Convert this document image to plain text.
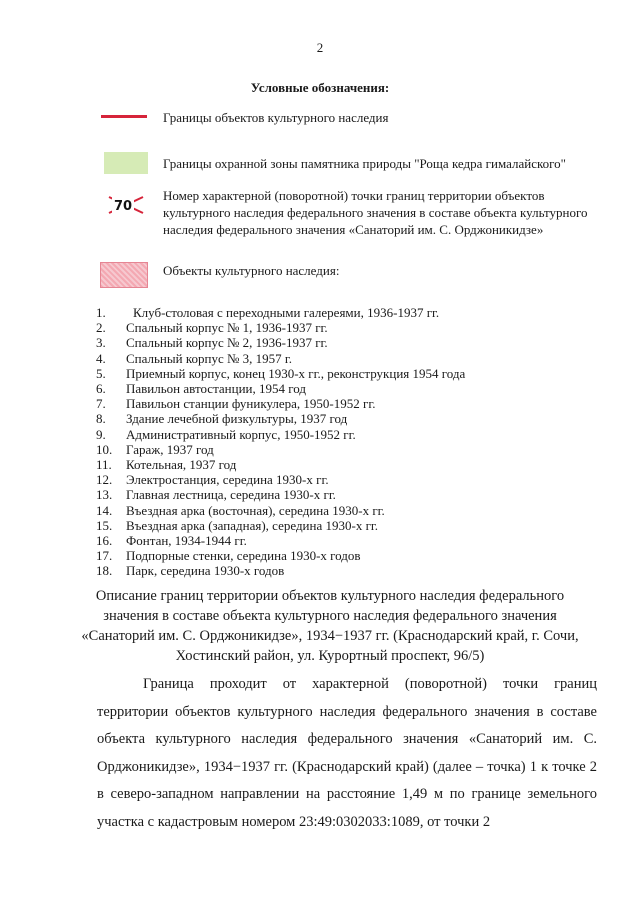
2
Условные обозначения:
Границы объектов культурного наследия
Границы охранной зоны памятника природы "Роща кедра гималайского"
70
Номер характерной (поворотной) точки границ территории объектов культурного наследия федерального значения в составе объекта культурного наследия федерального значения «Санаторий им. С. Орджоникидзе»
Объекты культурного наследия:
1. Клуб-столовая с переходными галереями, 1936-1937 гг.
2. Спальный корпус № 1, 1936-1937 гг.
3. Спальный корпус № 2, 1936-1937 гг.
4. Спальный корпус № 3, 1957 г.
5. Приемный корпус, конец 1930-х гг., реконструкция 1954 года
6. Павильон автостанции, 1954 год
7. Павильон станции фуникулера, 1950-1952 гг.
8. Здание лечебной физкультуры, 1937 год
9. Административный корпус, 1950-1952 гг.
10. Гараж, 1937 год
11. Котельная, 1937 год
12. Электростанция, середина 1930-х гг.
13. Главная лестница, середина 1930-х гг.
14. Въездная арка (восточная), середина 1930-х гг.
15. Въездная арка (западная), середина 1930-х гг.
16. Фонтан, 1934-1944 гг.
17. Подпорные стенки, середина 1930-х годов
18. Парк, середина 1930-х годов
Описание границ территории объектов культурного наследия федерального значения в составе объекта культурного наследия федерального значения «Санаторий им. С. Орджоникидзе», 1934−1937 гг. (Краснодарский край, г. Сочи, Хостинский район, ул. Курортный проспект, 96/5)
Граница проходит от характерной (поворотной) точки границ территории объектов культурного наследия федерального значения в составе объекта культурного наследия федерального значения «Санаторий им. С. Орджоникидзе», 1934−1937 гг. (Краснодарский край) (далее – точка) 1 к точке 2 в северо-западном направлении на расстояние 1,49 м по границе земельного участка с кадастровым номером 23:49:0302033:1089, от точки 2
